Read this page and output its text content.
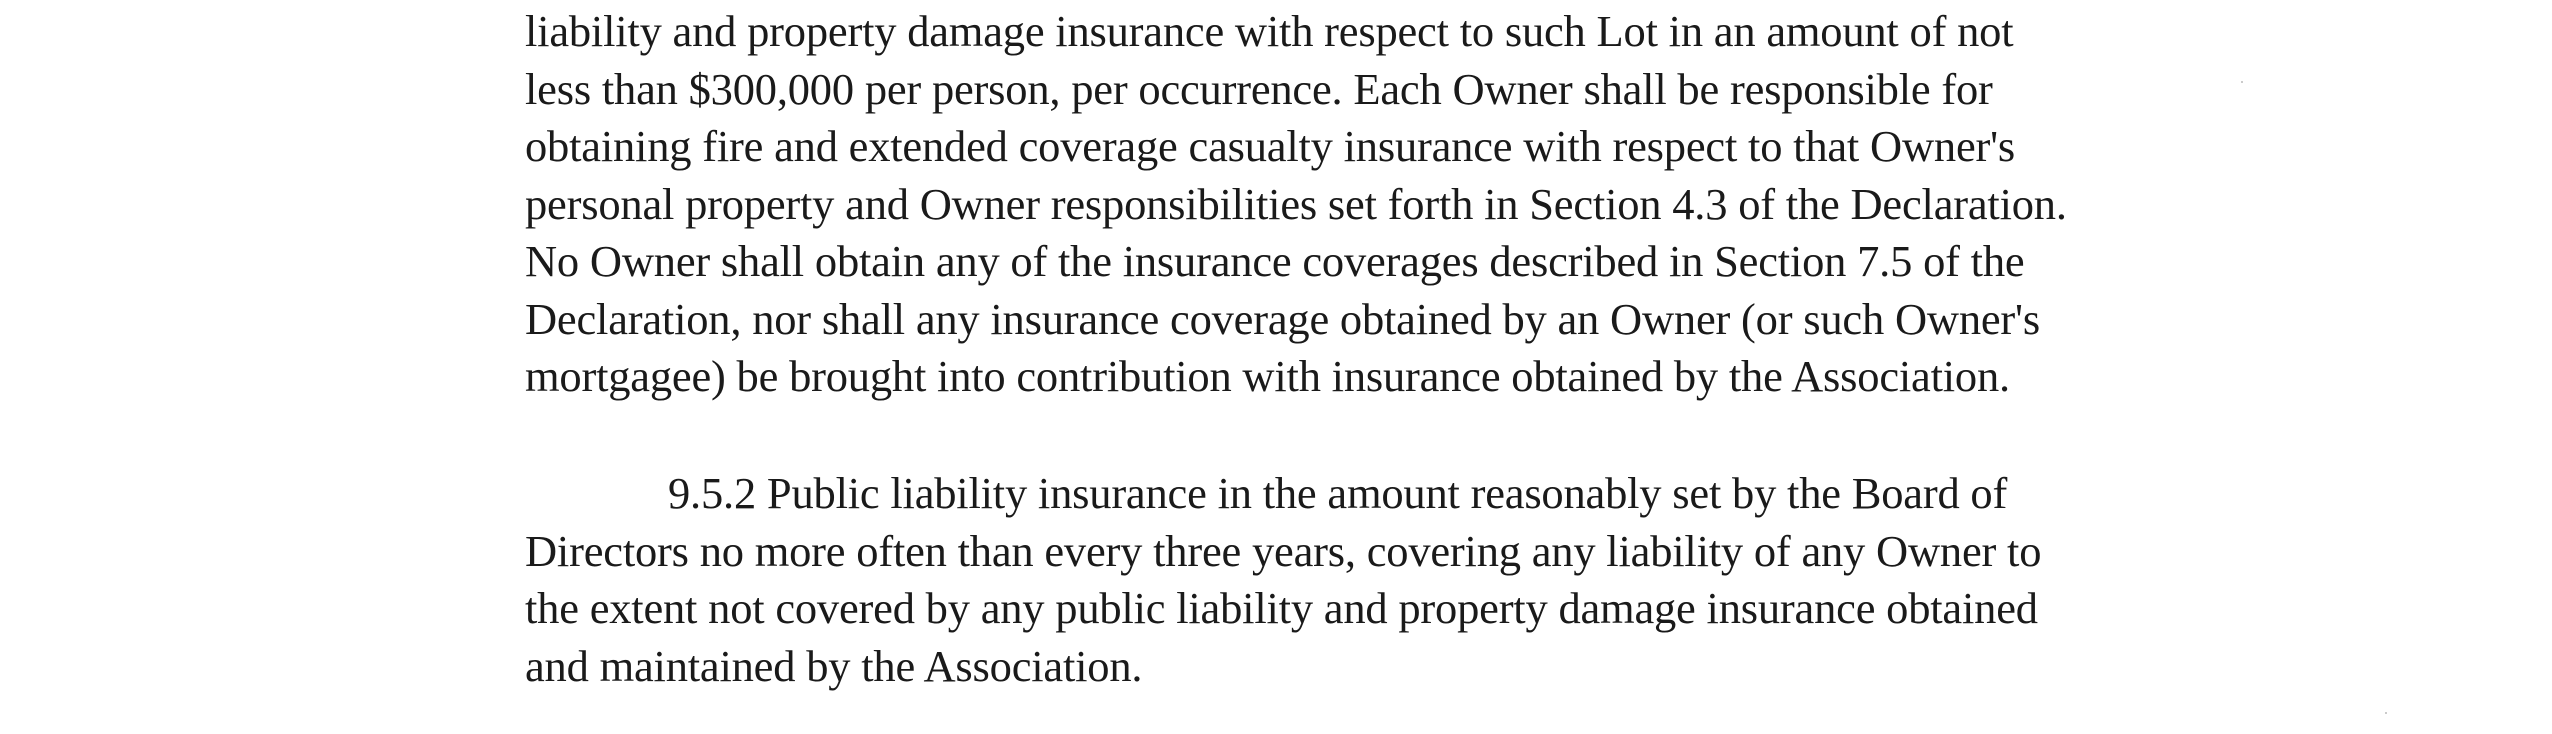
liability and property damage insurance with respect to such Lot in an amount of not
less than $300,000 per person, per occurrence. Each Owner shall be responsible for
obtaining fire and extended coverage casualty insurance with respect to that Owner's
personal property and Owner responsibilities set forth in Section 4.3 of the Declaration.
No Owner shall obtain any of the insurance coverages described in Section 7.5 of the
Declaration, nor shall any insurance coverage obtained by an Owner (or such Owner's
mortgagee) be brought into contribution with insurance obtained by the Association.

9.5.2 Public liability insurance in the amount reasonably set by the Board of
Directors no more often than every three years, covering any liability of any Owner to
the extent not covered by any public liability and property damage insurance obtained
and maintained by the Association.
